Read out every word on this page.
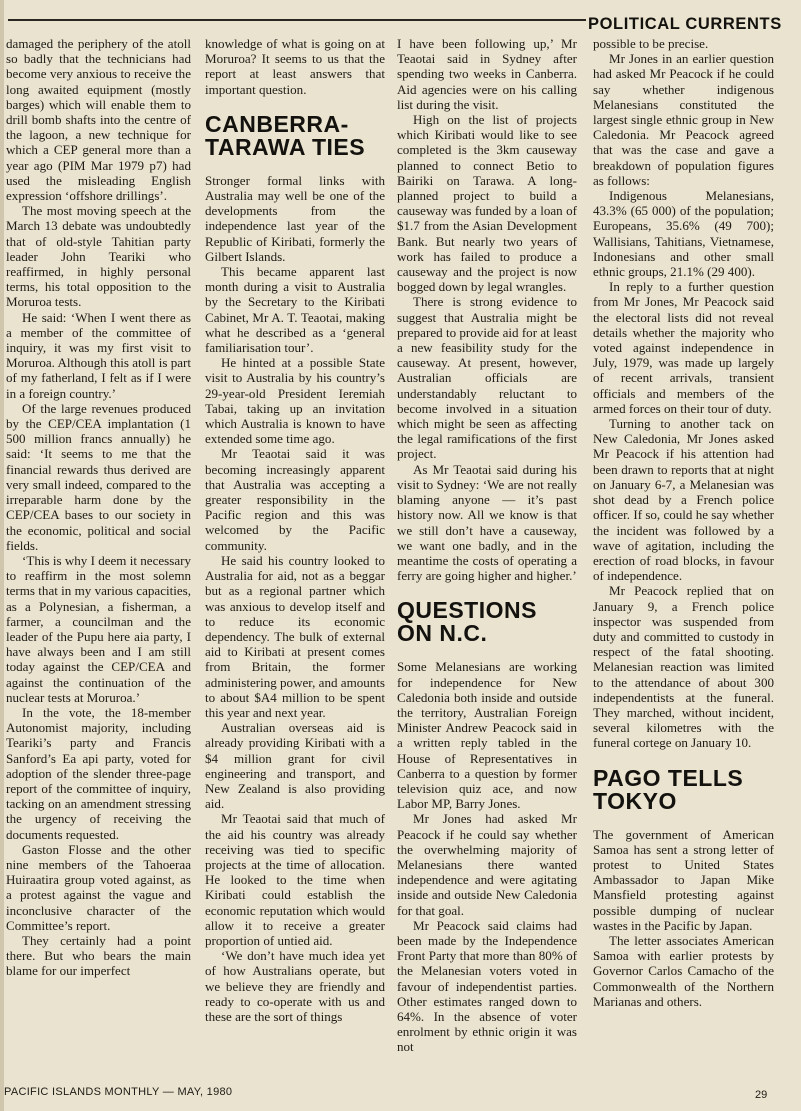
POLITICAL CURRENTS

damaged the periphery of the atoll so badly that the technicians had become very anxious to receive the long awaited equipment (mostly barges) which will enable them to drill bomb shafts into the centre of the lagoon, a new technique for which a CEP general more than a year ago (PIM Mar 1979 p7) had used the misleading English expression ‘offshore drillings’.

The most moving speech at the March 13 debate was undoubtedly that of old-style Tahitian party leader John Teariki who reaffirmed, in highly personal terms, his total opposition to the Moruroa tests.

He said: ‘When I went there as a member of the committee of inquiry, it was my first visit to Moruroa. Although this atoll is part of my fatherland, I felt as if I were in a foreign country.’

Of the large revenues produced by the CEP/CEA implantation (1 500 million francs annually) he said: ‘It seems to me that the financial rewards thus derived are very small indeed, compared to the irreparable harm done by the CEP/CEA bases to our society in the economic, political and social fields.

‘This is why I deem it necessary to reaffirm in the most solemn terms that in my various capacities, as a Polynesian, a fisherman, a farmer, a councilman and the leader of the Pupu here aia party, I have always been and I am still today against the CEP/CEA and against the continuation of the nuclear tests at Moruroa.’

In the vote, the 18-member Autonomist majority, including Teariki’s party and Francis Sanford’s Ea api party, voted for adoption of the slender three-page report of the committee of inquiry, tacking on an amendment stressing the urgency of receiving the documents requested.

Gaston Flosse and the other nine members of the Tahoeraa Huiraatira group voted against, as a protest against the vague and inconclusive character of the Committee’s report.

They certainly had a point there. But who bears the main blame for our imperfect

knowledge of what is going on at Moruroa? It seems to us that the report at least answers that important question.

CANBERRA-
TARAWA TIES

Stronger formal links with Australia may well be one of the developments from the independence last year of the Republic of Kiribati, formerly the Gilbert Islands.

This became apparent last month during a visit to Australia by the Secretary to the Kiribati Cabinet, Mr A. T. Teaotai, making what he described as a ‘general familiarisation tour’.

He hinted at a possible State visit to Australia by his country’s 29-year-old President Ieremiah Tabai, taking up an invitation which Australia is known to have extended some time ago.

Mr Teaotai said it was becoming increasingly apparent that Australia was accepting a greater responsibility in the Pacific region and this was welcomed by the Pacific community.

He said his country looked to Australia for aid, not as a beggar but as a regional partner which was anxious to develop itself and to reduce its economic dependency. The bulk of external aid to Kiribati at present comes from Britain, the former administering power, and amounts to about $A4 million to be spent this year and next year.

Australian overseas aid is already providing Kiribati with a $4 million grant for civil engineering and transport, and New Zealand is also providing aid.

Mr Teaotai said that much of the aid his country was already receiving was tied to specific projects at the time of allocation. He looked to the time when Kiribati could establish the economic reputation which would allow it to receive a greater proportion of untied aid.

‘We don’t have much idea yet of how Australians operate, but we believe they are friendly and ready to co-operate with us and these are the sort of things

I have been following up,’ Mr Teaotai said in Sydney after spending two weeks in Canberra. Aid agencies were on his calling list during the visit.

High on the list of projects which Kiribati would like to see completed is the 3km causeway planned to connect Betio to Bairiki on Tarawa. A long-planned project to build a causeway was funded by a loan of $1.7 from the Asian Development Bank. But nearly two years of work has failed to produce a causeway and the project is now bogged down by legal wrangles.

There is strong evidence to suggest that Australia might be prepared to provide aid for at least a new feasibility study for the causeway. At present, however, Australian officials are understandably reluctant to become involved in a situation which might be seen as affecting the legal ramifications of the first project.

As Mr Teaotai said during his visit to Sydney: ‘We are not really blaming anyone — it’s past history now. All we know is that we still don’t have a causeway, we want one badly, and in the meantime the costs of operating a ferry are going higher and higher.’

QUESTIONS
ON N.C.

Some Melanesians are working for independence for New Caledonia both inside and outside the territory, Australian Foreign Minister Andrew Peacock said in a written reply tabled in the House of Representatives in Canberra to a question by former television quiz ace, and now Labor MP, Barry Jones.

Mr Jones had asked Mr Peacock if he could say whether the overwhelming majority of Melanesians there wanted independence and were agitating inside and outside New Caledonia for that goal.

Mr Peacock said claims had been made by the Independence Front Party that more than 80% of the Melanesian voters voted in favour of independentist parties. Other estimates ranged down to 64%. In the absence of voter enrolment by ethnic origin it was not

possible to be precise.

Mr Jones in an earlier question had asked Mr Peacock if he could say whether indigenous Melanesians constituted the largest single ethnic group in New Caledonia. Mr Peacock agreed that was the case and gave a breakdown of population figures as follows:

Indigenous Melanesians, 43.3% (65 000) of the population; Europeans, 35.6% (49 700); Wallisians, Tahitians, Vietnamese, Indonesians and other small ethnic groups, 21.1% (29 400).

In reply to a further question from Mr Jones, Mr Peacock said the electoral lists did not reveal details whether the majority who voted against independence in July, 1979, was made up largely of recent arrivals, transient officials and members of the armed forces on their tour of duty.

Turning to another tack on New Caledonia, Mr Jones asked Mr Peacock if his attention had been drawn to reports that at night on January 6-7, a Melanesian was shot dead by a French police officer. If so, could he say whether the incident was followed by a wave of agitation, including the erection of road blocks, in favour of independence.

Mr Peacock replied that on January 9, a French police inspector was suspended from duty and committed to custody in respect of the fatal shooting. Melanesian reaction was limited to the attendance of about 300 independentists at the funeral. They marched, without incident, several kilometres with the funeral cortege on January 10.

PAGO TELLS
TOKYO

The government of American Samoa has sent a strong letter of protest to United States Ambassador to Japan Mike Mansfield protesting against possible dumping of nuclear wastes in the Pacific by Japan.

The letter associates American Samoa with earlier protests by Governor Carlos Camacho of the Commonwealth of the Northern Marianas and others.

PACIFIC ISLANDS MONTHLY — MAY, 1980	29
